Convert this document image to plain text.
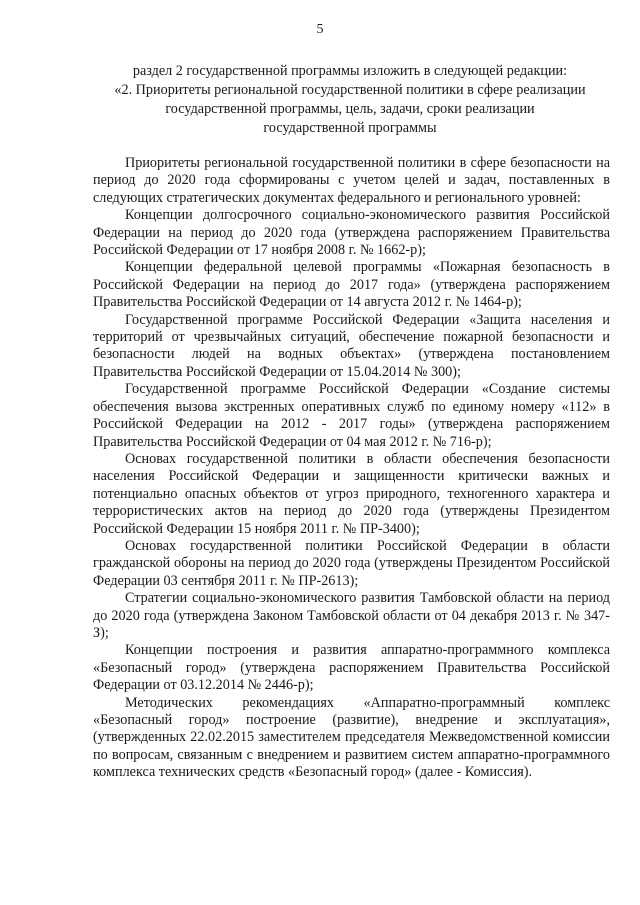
5

раздел 2 государственной программы изложить в следующей редакции:

«2. Приоритеты региональной государственной политики в сфере реализации

государственной программы, цель, задачи, сроки реализации

государственной программы

Приоритеты региональной государственной политики в сфере безопасности на период до 2020 года сформированы с учетом целей и задач, поставленных в следующих стратегических документах федерального и регионального уровней:

Концепции долгосрочного социально-экономического развития Российской Федерации на период до 2020 года (утверждена распоряжением Правительства Российской Федерации от 17 ноября 2008 г. № 1662-р);

Концепции федеральной целевой программы «Пожарная безопасность в Российской Федерации на период до 2017 года» (утверждена распоряжением Правительства Российской Федерации от 14 августа 2012 г. № 1464-р);

Государственной программе Российской Федерации «Защита населения и территорий от чрезвычайных ситуаций, обеспечение пожарной безопасности и безопасности людей на водных объектах» (утверждена постановлением Правительства Российской Федерации от 15.04.2014 № 300);

Государственной программе Российской Федерации «Создание системы обеспечения вызова экстренных оперативных служб по единому номеру «112» в Российской Федерации на 2012 - 2017 годы» (утверждена распоряжением Правительства Российской Федерации от 04 мая 2012 г. № 716-р);

Основах государственной политики в области обеспечения безопасности населения Российской Федерации и защищенности критически важных и потенциально опасных объектов от угроз природного, техногенного характера и террористических актов на период до 2020 года (утверждены Президентом Российской Федерации 15 ноября 2011 г. № ПР-3400);

Основах государственной политики Российской Федерации в области гражданской обороны на период до 2020 года (утверждены Президентом Российской Федерации 03 сентября 2011 г. № ПР-2613);

Стратегии социально-экономического развития Тамбовской области на период до 2020 года (утверждена Законом Тамбовской области от 04 декабря 2013 г. № 347-З);

Концепции построения и развития аппаратно-программного комплекса «Безопасный город» (утверждена распоряжением Правительства Российской Федерации от 03.12.2014 № 2446-р);

Методических рекомендациях «Аппаратно-программный комплекс «Безопасный город» построение (развитие), внедрение и эксплуатация», (утвержденных 22.02.2015 заместителем председателя Межведомственной комиссии по вопросам, связанным с внедрением и развитием систем аппаратно-программного комплекса технических средств «Безопасный город» (далее - Комиссия).
